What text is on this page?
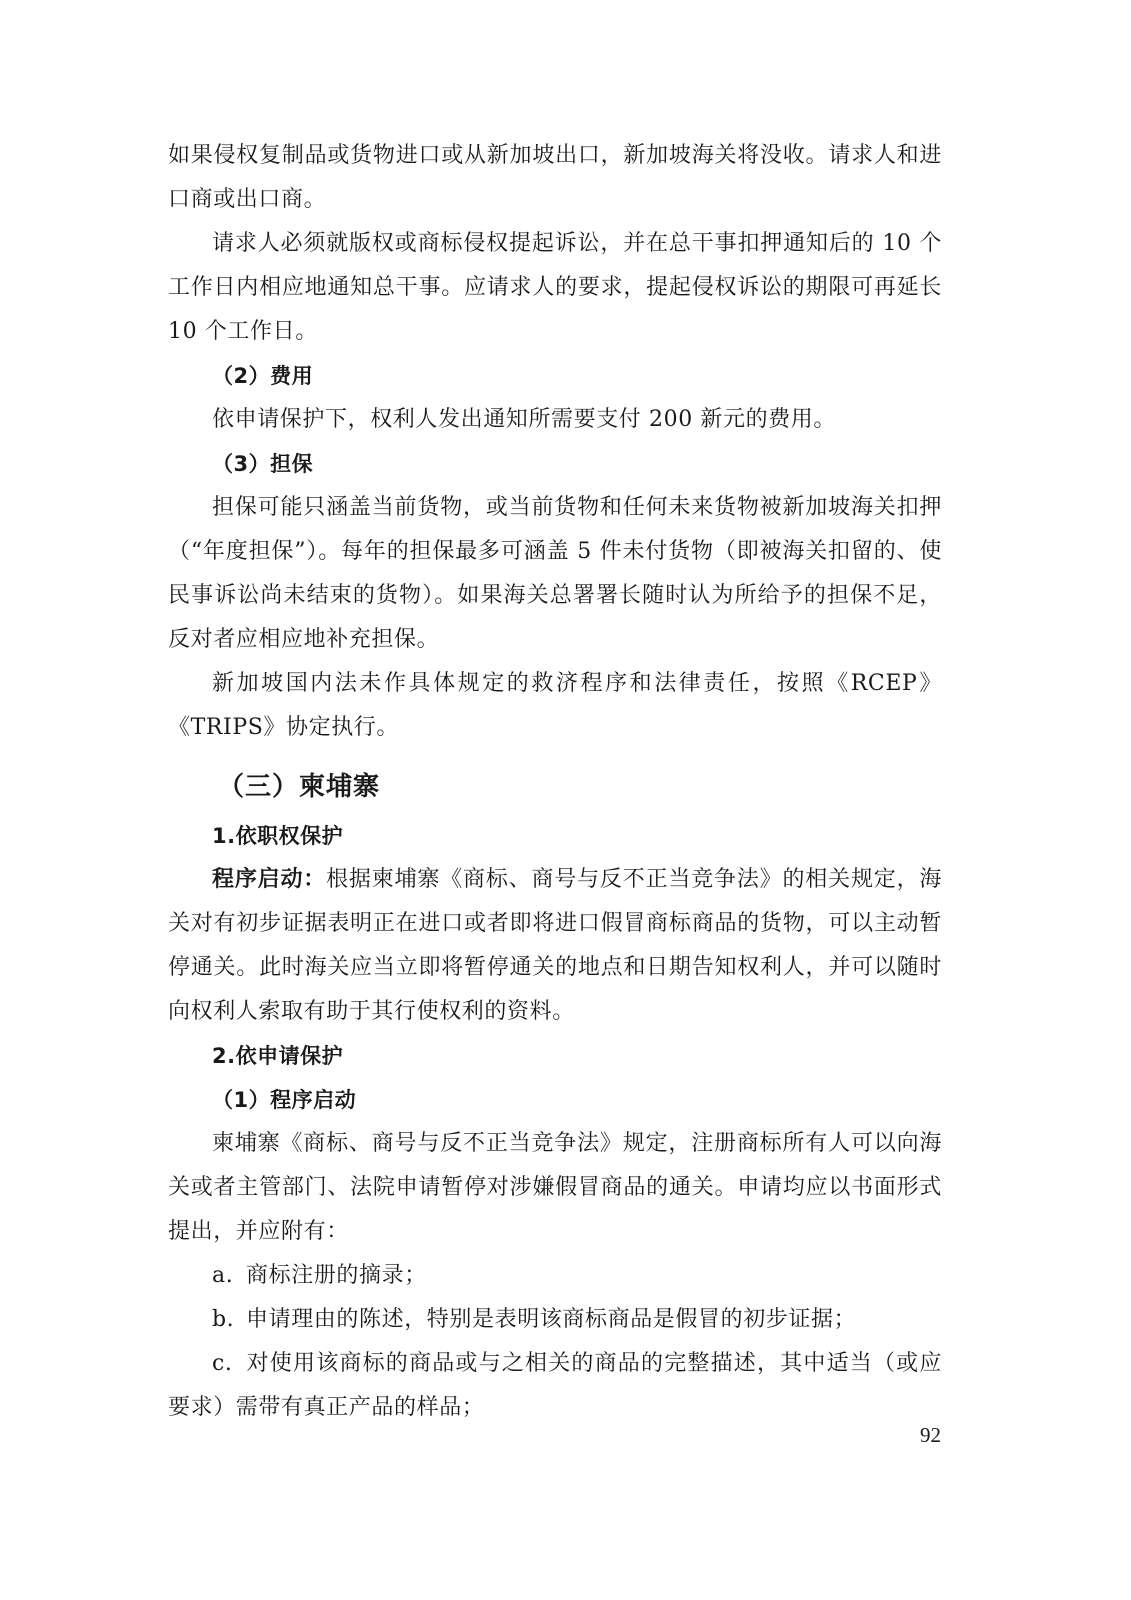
如果侵权复制品或货物进口或从新加坡出口，新加坡海关将没收。请求人和进口商或出口商。

请求人必须就版权或商标侵权提起诉讼，并在总干事扣押通知后的 10 个工作日内相应地通知总干事。应请求人的要求，提起侵权诉讼的期限可再延长 10 个工作日。

（2）费用

依申请保护下，权利人发出通知所需要支付 200 新元的费用。

（3）担保

担保可能只涵盖当前货物，或当前货物和任何未来货物被新加坡海关扣押（“年度担保”）。每年的担保最多可涵盖 5 件未付货物（即被海关扣留的、使民事诉讼尚未结束的货物）。如果海关总署署长随时认为所给予的担保不足，反对者应相应地补充担保。

新加坡国内法未作具体规定的救济程序和法律责任，按照《RCEP》《TRIPS》协定执行。

（三）柬埔寨

1.依职权保护

程序启动：根据柬埔寨《商标、商号与反不正当竞争法》的相关规定，海关对有初步证据表明正在进口或者即将进口假冒商标商品的货物，可以主动暂停通关。此时海关应当立即将暂停通关的地点和日期告知权利人，并可以随时向权利人索取有助于其行使权利的资料。

2.依申请保护

（1）程序启动

柬埔寨《商标、商号与反不正当竞争法》规定，注册商标所有人可以向海关或者主管部门、法院申请暂停对涉嫌假冒商品的通关。申请均应以书面形式提出，并应附有：

a. 商标注册的摘录；

b. 申请理由的陈述，特别是表明该商标商品是假冒的初步证据；

c. 对使用该商标的商品或与之相关的商品的完整描述，其中适当（或应要求）需带有真正产品的样品；

92
